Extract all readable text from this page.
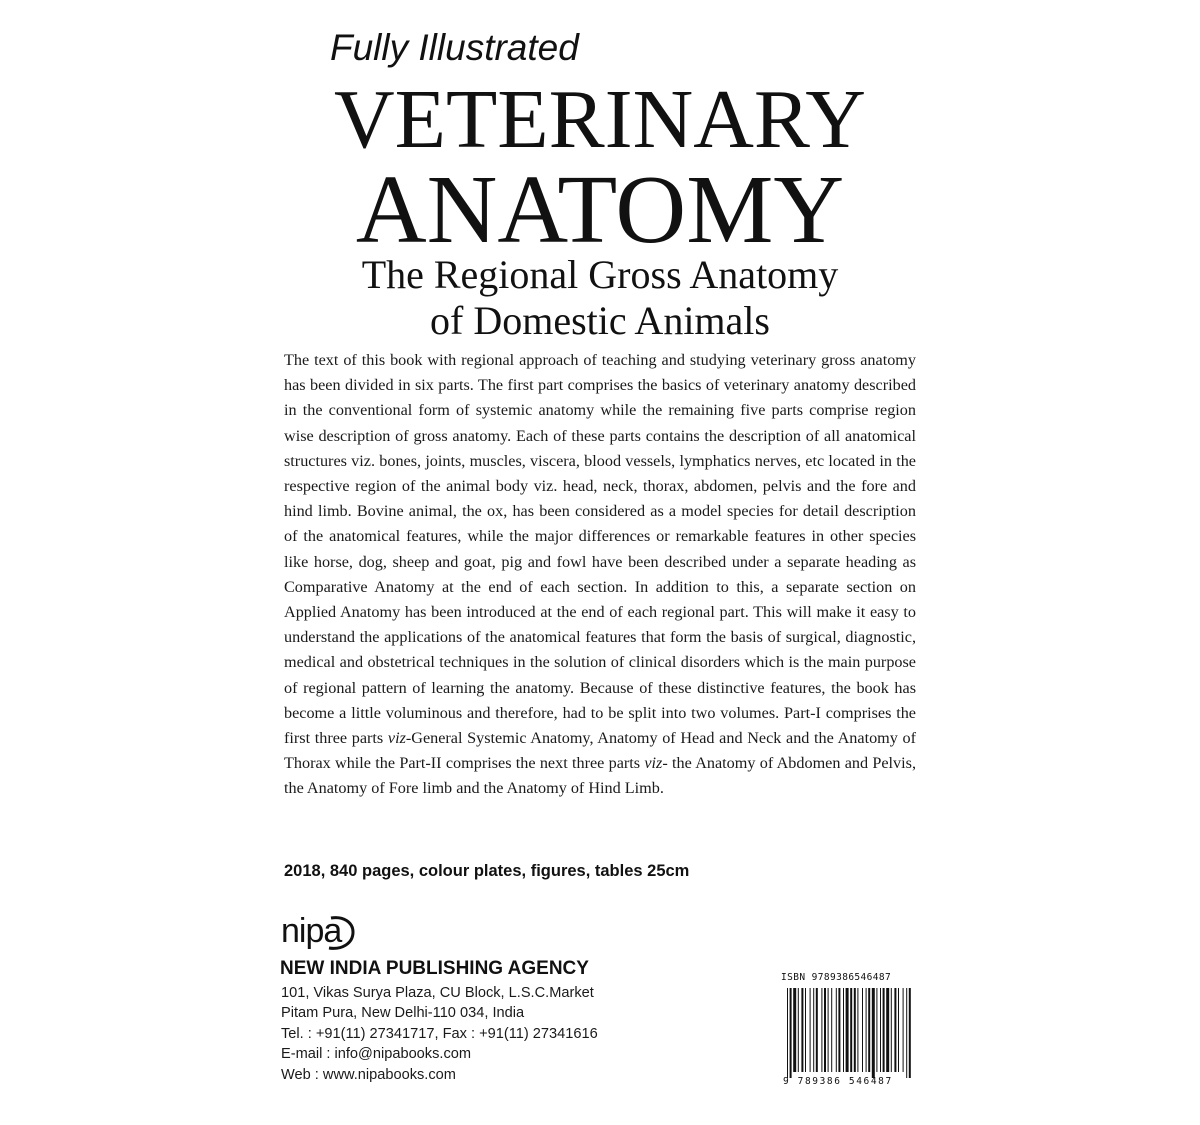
Fully Illustrated
VETERINARY
ANATOMY
The Regional Gross Anatomy
of Domestic Animals
The text of this book with regional approach of teaching and studying veterinary gross anatomy has been divided in six parts. The first part comprises the basics of veterinary anatomy described in the conventional form of systemic anatomy while the remaining five parts comprise region wise description of gross anatomy. Each of these parts contains the description of all anatomical structures viz. bones, joints, muscles, viscera, blood vessels, lymphatics nerves, etc located in the respective region of the animal body viz. head, neck, thorax, abdomen, pelvis and the fore and hind limb. Bovine animal, the ox, has been considered as a model species for detail description of the anatomical features, while the major differences or remarkable features in other species like horse, dog, sheep and goat, pig and fowl have been described under a separate heading as Comparative Anatomy at the end of each section. In addition to this, a separate section on Applied Anatomy has been introduced at the end of each regional part. This will make it easy to understand the applications of the anatomical features that form the basis of surgical, diagnostic, medical and obstetrical techniques in the solution of clinical disorders which is the main purpose of regional pattern of learning the anatomy. Because of these distinctive features, the book has become a little voluminous and therefore, had to be split into two volumes. Part-I comprises the first three parts viz-General Systemic Anatomy, Anatomy of Head and Neck and the Anatomy of Thorax while the Part-II comprises the next three parts viz- the Anatomy of Abdomen and Pelvis, the Anatomy of Fore limb and the Anatomy of Hind Limb.
2018, 840 pages, colour plates, figures, tables 25cm
nipa
NEW INDIA PUBLISHING AGENCY
101, Vikas Surya Plaza, CU Block, L.S.C.Market
Pitam Pura, New Delhi-110 034, India
Tel. : +91(11) 27341717, Fax : +91(11) 27341616
E-mail : info@nipabooks.com
Web : www.nipabooks.com
ISBN 9789386546487
9 789386 546487
